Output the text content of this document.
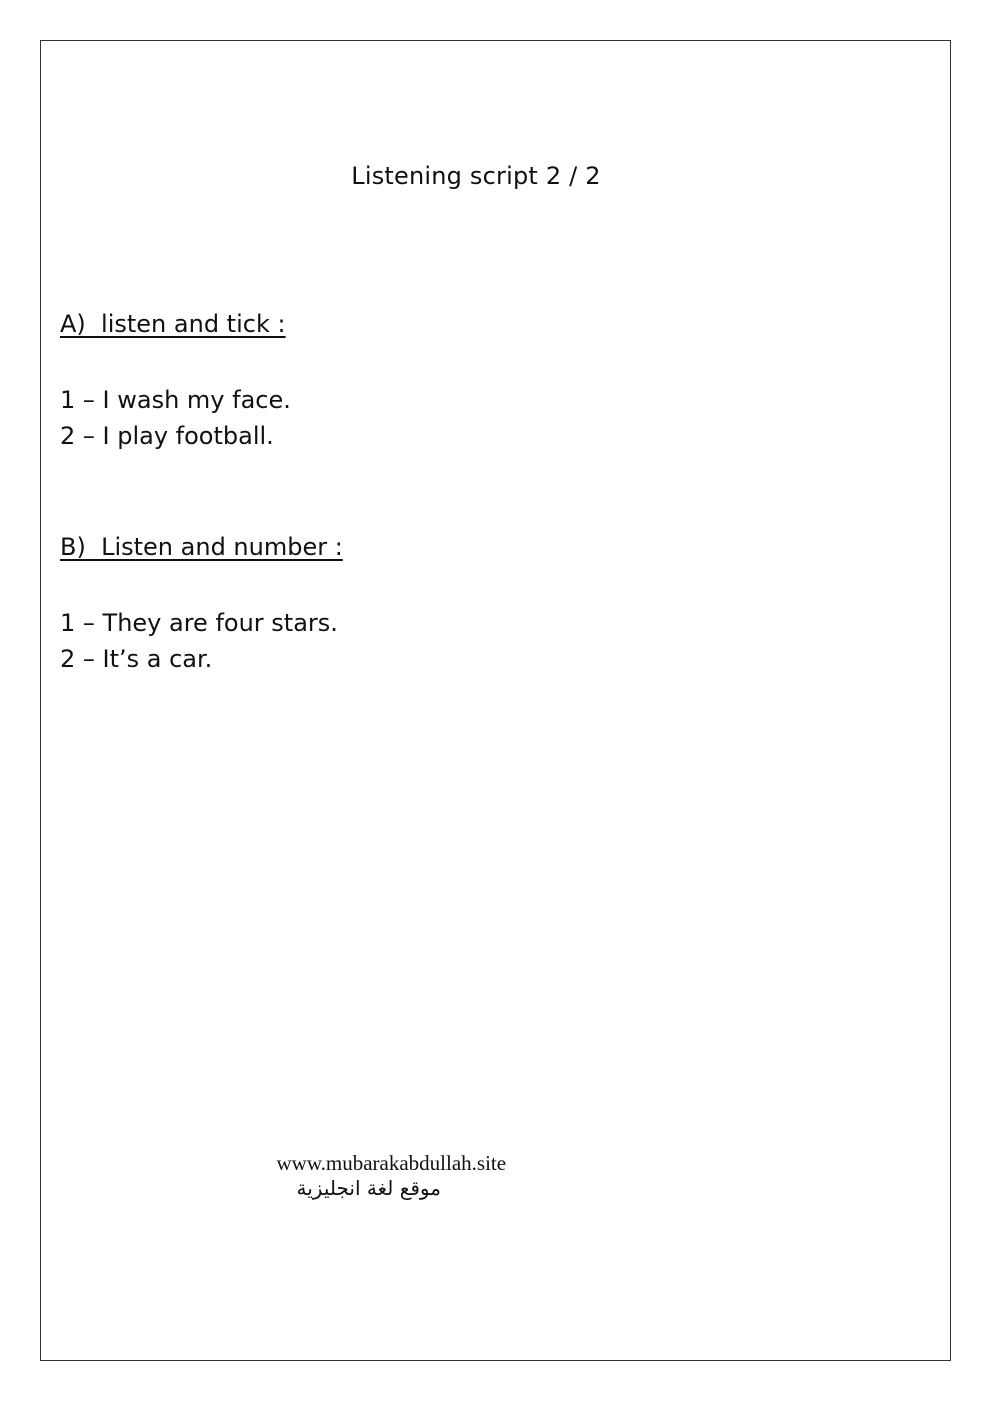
Listening script 2 / 2
A)  listen and tick :
1 – I wash my face.
2 – I play football.
B)  Listen and number :
1 – They are four stars.
2 – It’s a car.

www.mubarakabdullah.site
موقع لغة انجليزية
